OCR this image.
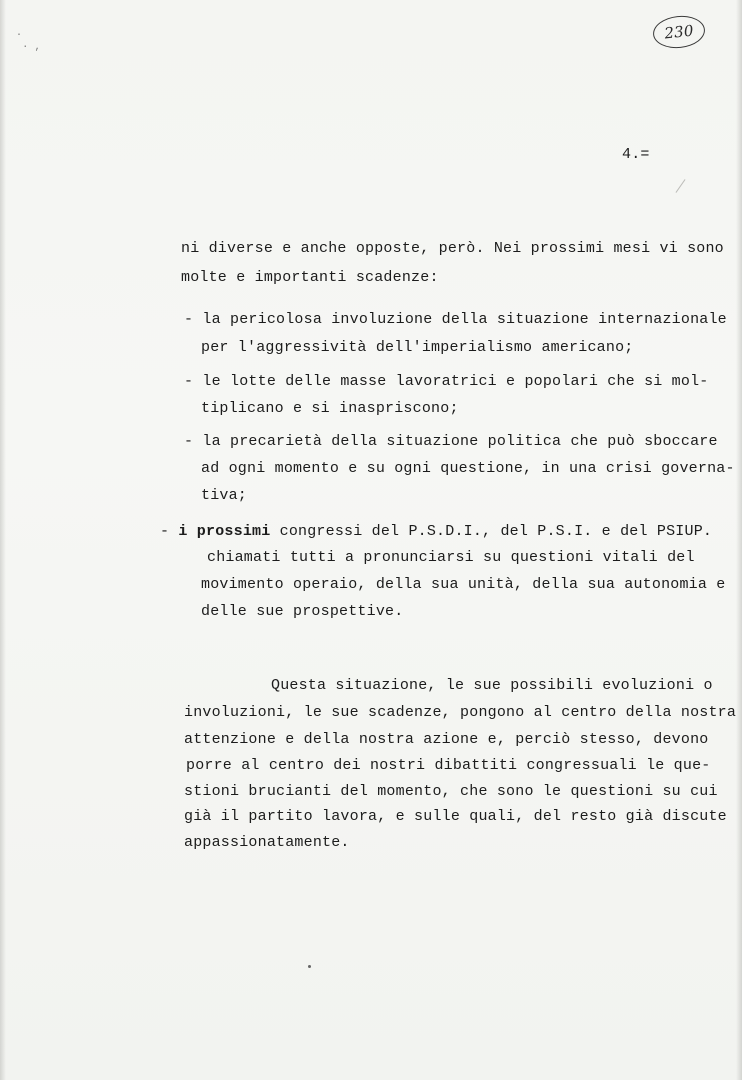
·
· ,
230
4.=
ni diverse e anche opposte, però. Nei prossimi mesi vi sono
molte e importanti scadenze:
- la pericolosa involuzione della situazione internazionale
per l'aggressività dell'imperialismo americano;
- le lotte delle masse lavoratrici e popolari che si mol-
tiplicano e si inaspriscono;
- la precarietà della situazione politica che può sboccare
ad ogni momento e su ogni questione, in una crisi governa-
tiva;
- i prossimi congressi del P.S.D.I., del P.S.I. e del PSIUP.
chiamati tutti a pronunciarsi su questioni vitali del
movimento operaio, della sua unità, della sua autonomia e
delle sue prospettive.
Questa situazione, le sue possibili evoluzioni o
involuzioni, le sue scadenze, pongono al centro della nostra
attenzione e della nostra azione e, perciò stesso, devono
porre al centro dei nostri dibattiti congressuali le que-
stioni brucianti del momento, che sono le questioni su cui
già il partito lavora, e sulle quali, del resto già discute
appassionatamente.
